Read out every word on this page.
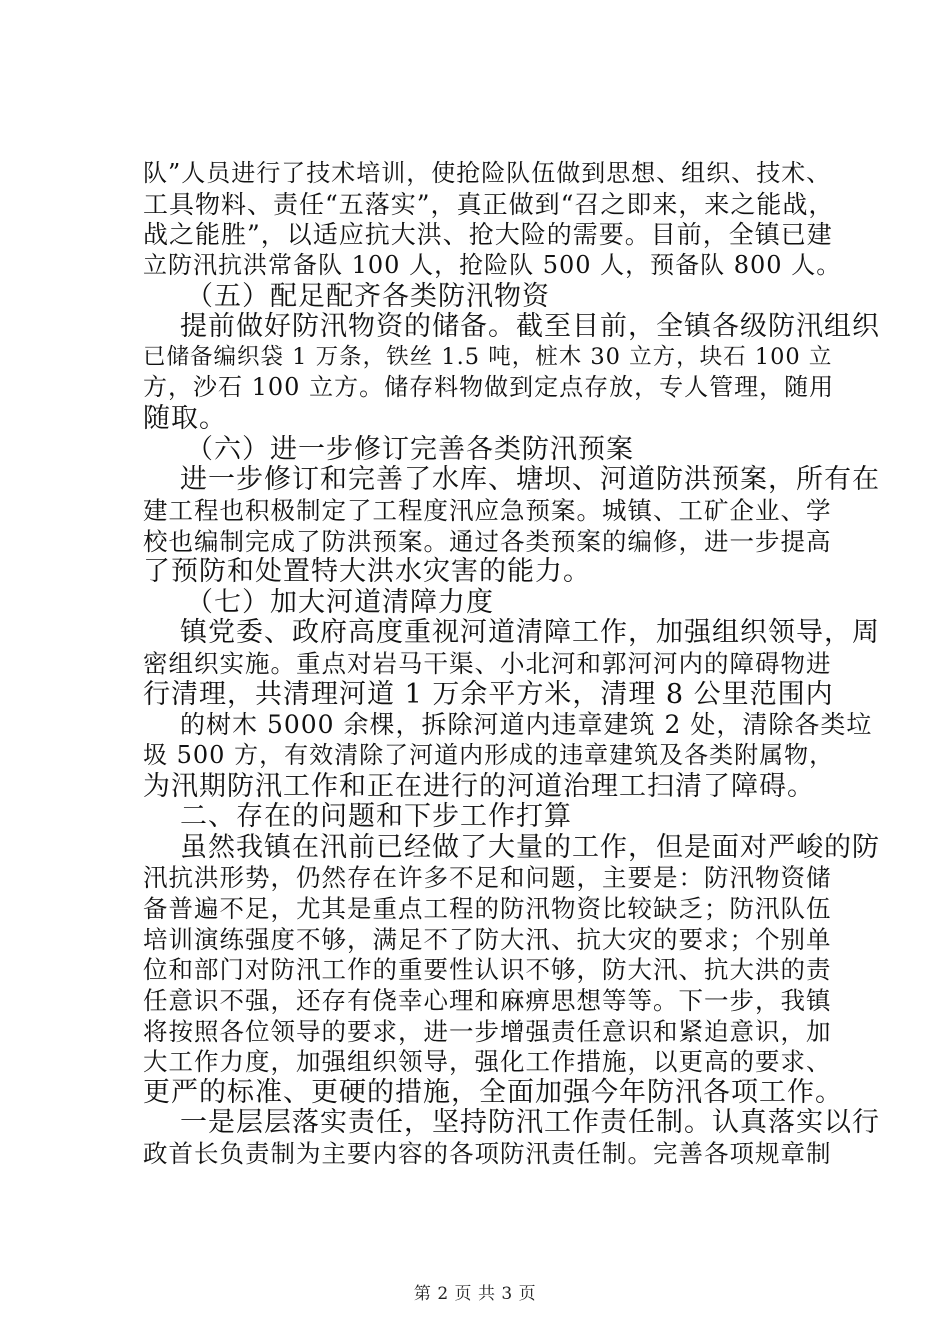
队”人员进行了技术培训，使抢险队伍做到思想、组织、技术、
工具物料、责任“五落实”，真正做到“召之即来，来之能战，
战之能胜”，以适应抗大洪、抢大险的需要。目前，全镇已建
立防汛抗洪常备队 100 人，抢险队 500 人，预备队 800 人。
（五）配足配齐各类防汛物资
提前做好防汛物资的储备。截至目前，全镇各级防汛组织
已储备编织袋 1 万条，铁丝 1.5 吨，桩木 30 立方，块石 100 立
方，沙石 100 立方。储存料物做到定点存放，专人管理，随用
随取。
（六）进一步修订完善各类防汛预案
进一步修订和完善了水库、塘坝、河道防洪预案，所有在
建工程也积极制定了工程度汛应急预案。城镇、工矿企业、学
校也编制完成了防洪预案。通过各类预案的编修，进一步提高
了预防和处置特大洪水灾害的能力。
（七）加大河道清障力度
镇党委、政府高度重视河道清障工作，加强组织领导，周
密组织实施。重点对岩马干渠、小北河和郭河河内的障碍物进
行清理，共清理河道 1 万余平方米，清理 8 公里范围内
的树木 5000 余棵，拆除河道内违章建筑 2 处，清除各类垃
圾 500 方，有效清除了河道内形成的违章建筑及各类附属物，
为汛期防汛工作和正在进行的河道治理工扫清了障碍。
二、存在的问题和下步工作打算
虽然我镇在汛前已经做了大量的工作，但是面对严峻的防
汛抗洪形势，仍然存在许多不足和问题，主要是：防汛物资储
备普遍不足，尤其是重点工程的防汛物资比较缺乏；防汛队伍
培训演练强度不够，满足不了防大汛、抗大灾的要求；个别单
位和部门对防汛工作的重要性认识不够，防大汛、抗大洪的责
任意识不强，还存有侥幸心理和麻痹思想等等。下一步，我镇
将按照各位领导的要求，进一步增强责任意识和紧迫意识，加
大工作力度，加强组织领导，强化工作措施，以更高的要求、
更严的标准、更硬的措施，全面加强今年防汛各项工作。
一是层层落实责任，坚持防汛工作责任制。认真落实以行
政首长负责制为主要内容的各项防汛责任制。完善各项规章制
第 2 页 共 3 页
